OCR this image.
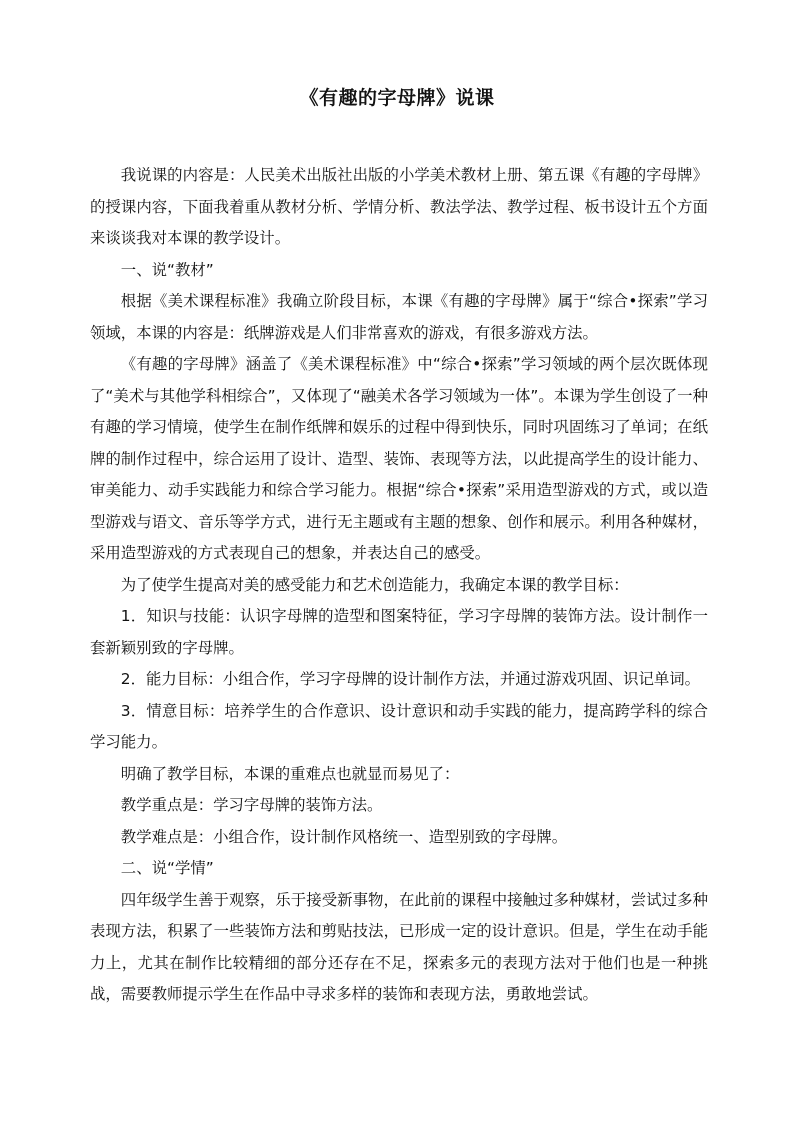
《有趣的字母牌》说课

我说课的内容是：人民美术出版社出版的小学美术教材上册、第五课《有趣的字母牌》的授课内容，下面我着重从教材分析、学情分析、教法学法、教学过程、板书设计五个方面来谈谈我对本课的教学设计。

一、说“教材”

根据《美术课程标准》我确立阶段目标，本课《有趣的字母牌》属于“综合•探索”学习领域，本课的内容是：纸牌游戏是人们非常喜欢的游戏，有很多游戏方法。

《有趣的字母牌》涵盖了《美术课程标准》中“综合•探索”学习领域的两个层次既体现了“美术与其他学科相综合”，又体现了“融美术各学习领域为一体”。本课为学生创设了一种有趣的学习情境，使学生在制作纸牌和娱乐的过程中得到快乐，同时巩固练习了单词；在纸牌的制作过程中，综合运用了设计、造型、装饰、表现等方法，以此提高学生的设计能力、审美能力、动手实践能力和综合学习能力。根据“综合•探索”采用造型游戏的方式，或以造型游戏与语文、音乐等学方式，进行无主题或有主题的想象、创作和展示。利用各种媒材，采用造型游戏的方式表现自己的想象，并表达自己的感受。

为了使学生提高对美的感受能力和艺术创造能力，我确定本课的教学目标：

1．知识与技能：认识字母牌的造型和图案特征，学习字母牌的装饰方法。设计制作一套新颖别致的字母牌。

2．能力目标：小组合作，学习字母牌的设计制作方法，并通过游戏巩固、识记单词。

3．情意目标：培养学生的合作意识、设计意识和动手实践的能力，提高跨学科的综合学习能力。

明确了教学目标，本课的重难点也就显而易见了：

教学重点是：学习字母牌的装饰方法。

教学难点是：小组合作，设计制作风格统一、造型别致的字母牌。

二、说“学情”

四年级学生善于观察，乐于接受新事物，在此前的课程中接触过多种媒材，尝试过多种表现方法，积累了一些装饰方法和剪贴技法，已形成一定的设计意识。但是，学生在动手能力上，尤其在制作比较精细的部分还存在不足，探索多元的表现方法对于他们也是一种挑战，需要教师提示学生在作品中寻求多样的装饰和表现方法，勇敢地尝试。
